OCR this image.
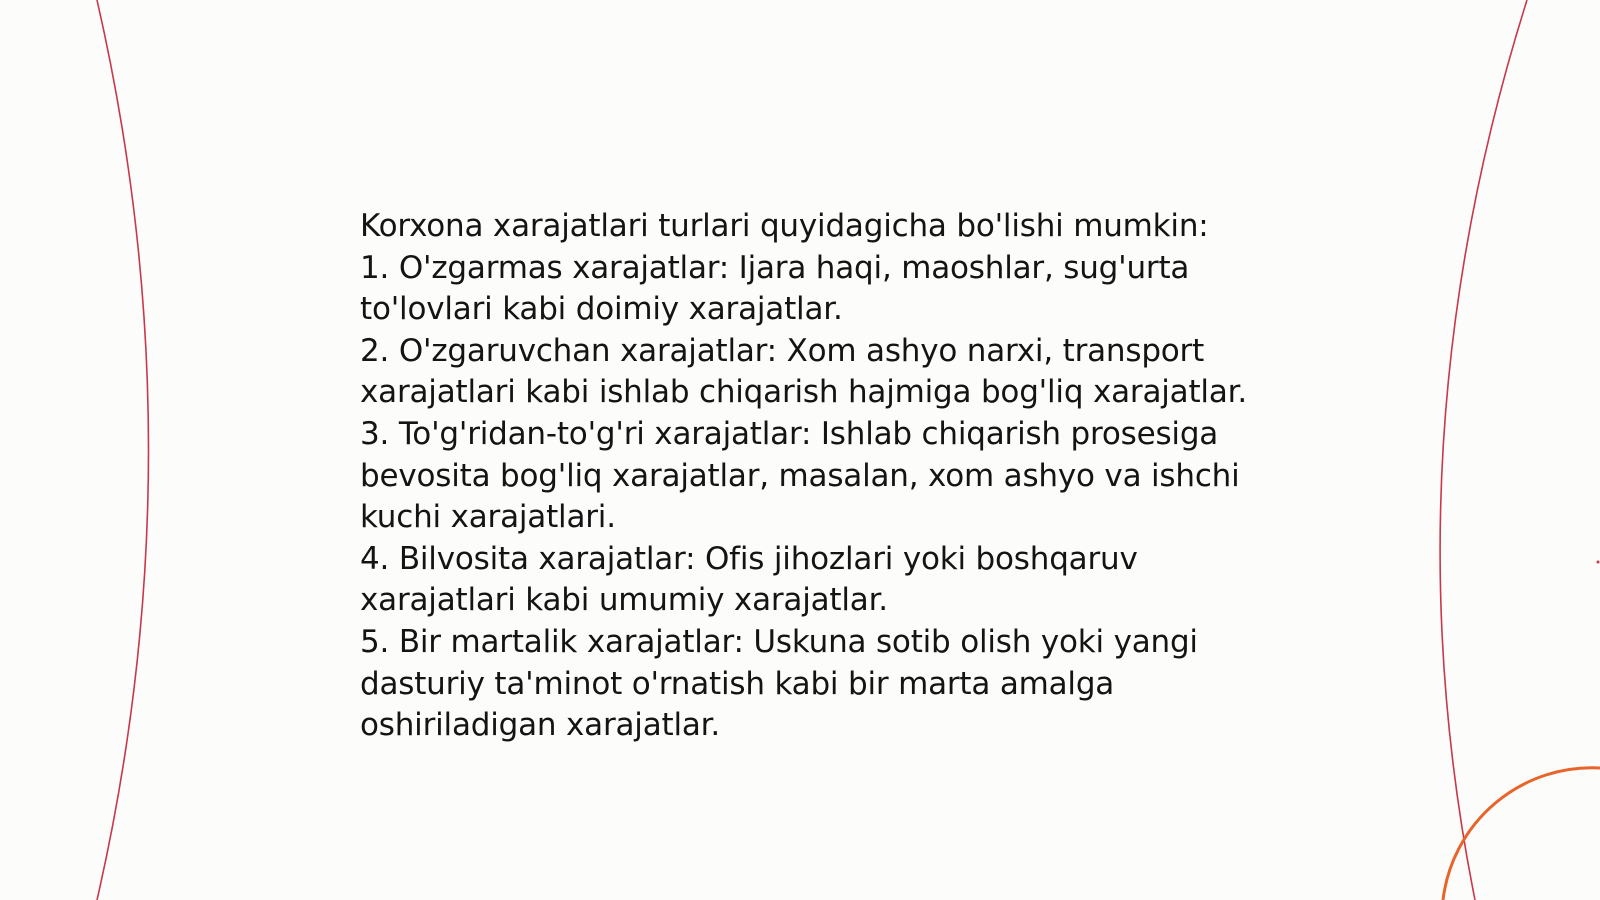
Korxona xarajatlari turlari quyidagicha bo'lishi mumkin:

1. O'zgarmas xarajatlar: Ijara haqi, maoshlar, sug'urta to'lovlari kabi doimiy xarajatlar.
2. O'zgaruvchan xarajatlar: Xom ashyo narxi, transport xarajatlari kabi ishlab chiqarish hajmiga bog'liq xarajatlar.
3. To'g'ridan-to'g'ri xarajatlar: Ishlab chiqarish prosesiga bevosita bog'liq xarajatlar, masalan, xom ashyo va ishchi kuchi xarajatlari.
4. Bilvosita xarajatlar: Ofis jihozlari yoki boshqaruv xarajatlari kabi umumiy xarajatlar.
5. Bir martalik xarajatlar: Uskuna sotib olish yoki yangi dasturiy ta'minot o'rnatish kabi bir marta amalga oshiriladigan xarajatlar.
